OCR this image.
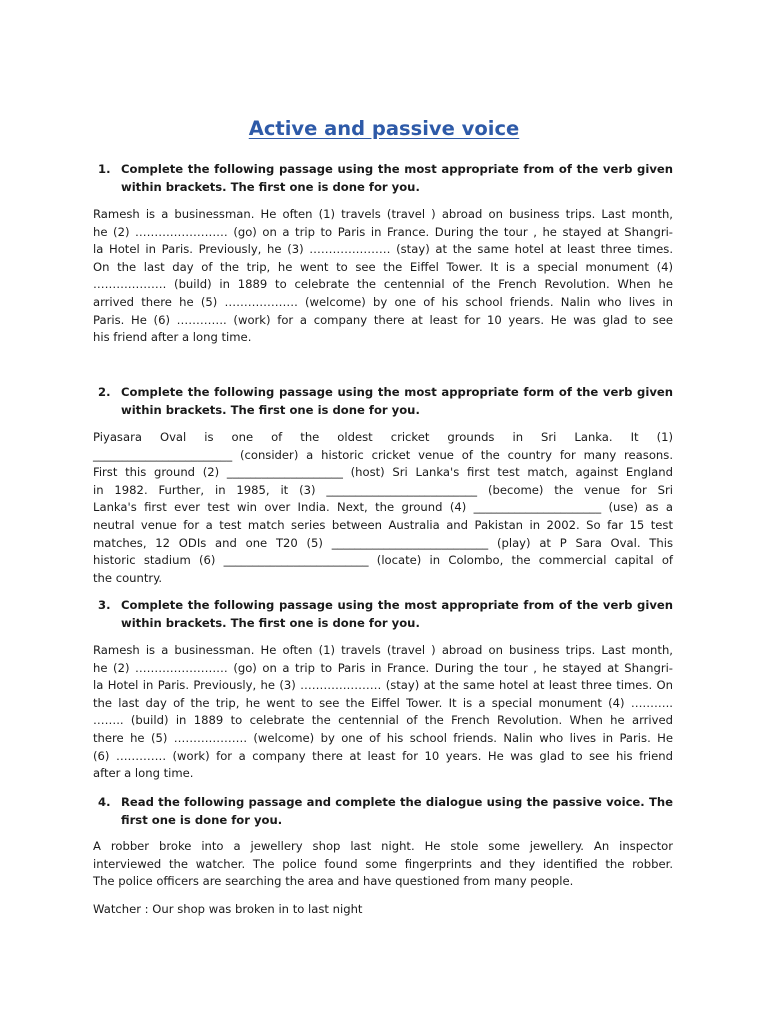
Active and passive voice
1. Complete the following passage using the most appropriate from of the verb given within brackets. The first one is done for you.
Ramesh is a businessman. He often (1) travels (travel ) abroad on business trips. Last month,
he (2) …………………… (go) on a trip to Paris in France. During the tour , he stayed at Shangri-
la Hotel in Paris. Previously, he (3) ………………… (stay) at the same hotel at least three times.
On the last day of the trip, he went to see the Eiffel Tower. It is a special monument (4)
………………. (build) in 1889 to celebrate the centennial of the French Revolution. When he
arrived there he (5) ………………. (welcome) by one of his school friends. Nalin who lives in
Paris. He (6) …………. (work) for a company there at least for 10 years. He was glad to see
his friend after a long time.
2. Complete the following passage using the most appropriate form of the verb given within brackets. The first one is done for you.
Piyasara Oval is one of the oldest cricket grounds in Sri Lanka. It (1)
________________________ (consider) a historic cricket venue of the country for many reasons.
First this ground (2) ____________________ (host) Sri Lanka's first test match, against England
in 1982. Further, in 1985, it (3) __________________________ (become) the venue for Sri
Lanka's first ever test win over India. Next, the ground (4) ______________________ (use) as a
neutral venue for a test match series between Australia and Pakistan in 2002. So far 15 test
matches, 12 ODIs and one T20 (5) ___________________________ (play) at P Sara Oval. This
historic stadium (6) _________________________ (locate) in Colombo, the commercial capital of
the country.
3. Complete the following passage using the most appropriate from of the verb given within brackets. The first one is done for you.
Ramesh is a businessman. He often (1) travels (travel ) abroad on business trips. Last month,
he (2) …………………… (go) on a trip to Paris in France. During the tour , he stayed at Shangri-
la Hotel in Paris. Previously, he (3) ………………… (stay) at the same hotel at least three times. On
the last day of the trip, he went to see the Eiffel Tower. It is a special monument (4) ………..
…….. (build) in 1889 to celebrate the centennial of the French Revolution. When he arrived
there he (5) ………………. (welcome) by one of his school friends. Nalin who lives in Paris. He
(6) …………. (work) for a company there at least for 10 years. He was glad to see his friend
after a long time.
4. Read the following passage and complete the dialogue using the passive voice. The first one is done for you.
A robber broke into a jewellery shop last night. He stole some jewellery. An inspector
interviewed the watcher. The police found some fingerprints and they identified the robber.
The police officers are searching the area and have questioned from many people.
Watcher : Our shop was broken in to last night
